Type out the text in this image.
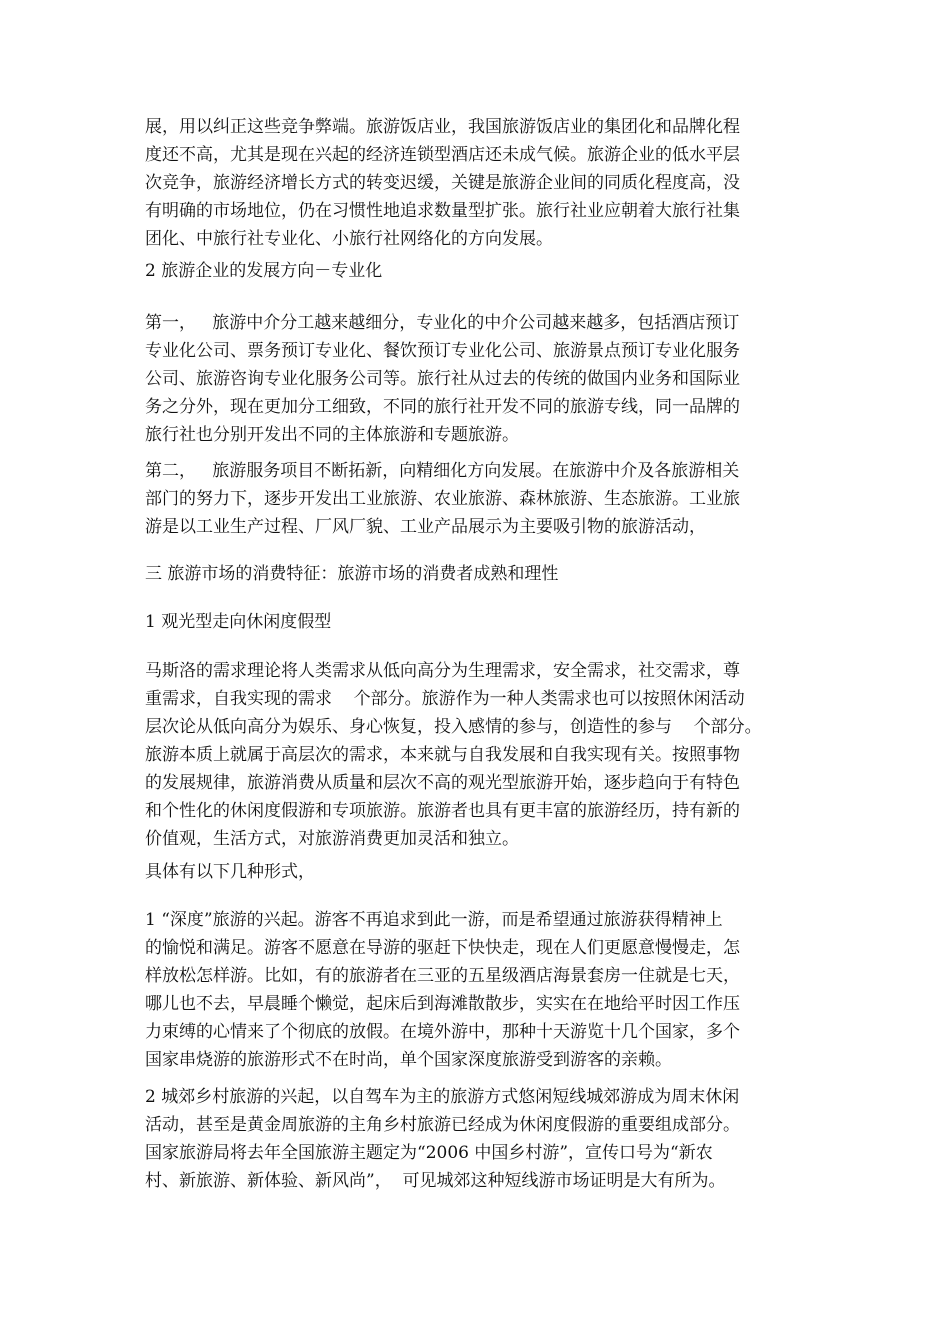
展，用以纠正这些竞争弊端。旅游饭店业，我国旅游饭店业的集团化和品牌化程
度还不高，尤其是现在兴起的经济连锁型酒店还未成气候。旅游企业的低水平层
次竞争，旅游经济增长方式的转变迟缓，关键是旅游企业间的同质化程度高，没
有明确的市场地位，仍在习惯性地追求数量型扩张。旅行社业应朝着大旅行社集
团化、中旅行社专业化、小旅行社网络化的方向发展。
2 旅游企业的发展方向－专业化
第一，   旅游中介分工越来越细分，专业化的中介公司越来越多，包括酒店预订
专业化公司、票务预订专业化、餐饮预订专业化公司、旅游景点预订专业化服务
公司、旅游咨询专业化服务公司等。旅行社从过去的传统的做国内业务和国际业
务之分外，现在更加分工细致，不同的旅行社开发不同的旅游专线，同一品牌的
旅行社也分别开发出不同的主体旅游和专题旅游。
第二，   旅游服务项目不断拓新，向精细化方向发展。在旅游中介及各旅游相关
部门的努力下，逐步开发出工业旅游、农业旅游、森林旅游、生态旅游。工业旅
游是以工业生产过程、厂风厂貌、工业产品展示为主要吸引物的旅游活动，
三 旅游市场的消费特征：旅游市场的消费者成熟和理性
1 观光型走向休闲度假型
马斯洛的需求理论将人类需求从低向高分为生理需求，安全需求，社交需求，尊
重需求，自我实现的需求    个部分。旅游作为一种人类需求也可以按照休闲活动
层次论从低向高分为娱乐、身心恢复，投入感情的参与，创造性的参与    个部分。
旅游本质上就属于高层次的需求，本来就与自我发展和自我实现有关。按照事物
的发展规律，旅游消费从质量和层次不高的观光型旅游开始，逐步趋向于有特色
和个性化的休闲度假游和专项旅游。旅游者也具有更丰富的旅游经历，持有新的
价值观，生活方式，对旅游消费更加灵活和独立。
具体有以下几种形式，
1 “深度”旅游的兴起。游客不再追求到此一游，而是希望通过旅游获得精神上
的愉悦和满足。游客不愿意在导游的驱赶下快快走，现在人们更愿意慢慢走，怎
样放松怎样游。比如，有的旅游者在三亚的五星级酒店海景套房一住就是七天，
哪儿也不去，早晨睡个懒觉，起床后到海滩散散步，实实在在地给平时因工作压
力束缚的心情来了个彻底的放假。在境外游中，那种十天游览十几个国家，多个
国家串烧游的旅游形式不在时尚，单个国家深度旅游受到游客的亲赖。
2 城郊乡村旅游的兴起，以自驾车为主的旅游方式悠闲短线城郊游成为周末休闲
活动，甚至是黄金周旅游的主角乡村旅游已经成为休闲度假游的重要组成部分。
国家旅游局将去年全国旅游主题定为“2006 中国乡村游”，宣传口号为“新农
村、新旅游、新体验、新风尚”，  可见城郊这种短线游市场证明是大有所为。
